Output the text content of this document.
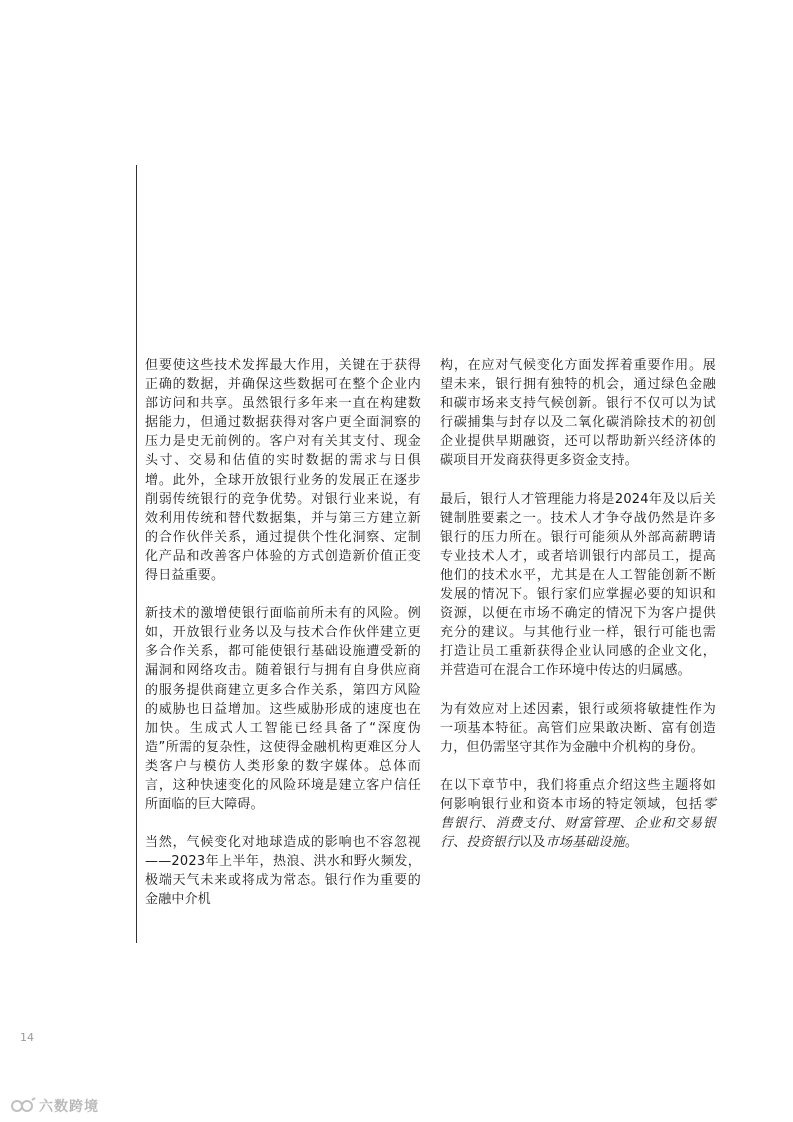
但要使这些技术发挥最大作用，关键在于获得正确的数据，并确保这些数据可在整个企业内部访问和共享。虽然银行多年来一直在构建数据能力，但通过数据获得对客户更全面洞察的压力是史无前例的。客户对有关其支付、现金头寸、交易和估值的实时数据的需求与日俱增。此外，全球开放银行业务的发展正在逐步削弱传统银行的竞争优势。对银行业来说，有效利用传统和替代数据集，并与第三方建立新的合作伙伴关系，通过提供个性化洞察、定制化产品和改善客户体验的方式创造新价值正变得日益重要。

新技术的激增使银行面临前所未有的风险。例如，开放银行业务以及与技术合作伙伴建立更多合作关系，都可能使银行基础设施遭受新的漏洞和网络攻击。随着银行与拥有自身供应商的服务提供商建立更多合作关系，第四方风险的威胁也日益增加。这些威胁形成的速度也在加快。生成式人工智能已经具备了“深度伪造”所需的复杂性，这使得金融机构更难区分人类客户与模仿人类形象的数字媒体。总体而言，这种快速变化的风险环境是建立客户信任所面临的巨大障碍。

当然，气候变化对地球造成的影响也不容忽视——2023年上半年，热浪、洪水和野火频发，极端天气未来或将成为常态。银行作为重要的金融中介机

构，在应对气候变化方面发挥着重要作用。展望未来，银行拥有独特的机会，通过绿色金融和碳市场来支持气候创新。银行不仅可以为试行碳捕集与封存以及二氧化碳消除技术的初创企业提供早期融资，还可以帮助新兴经济体的碳项目开发商获得更多资金支持。

最后，银行人才管理能力将是2024年及以后关键制胜要素之一。技术人才争夺战仍然是许多银行的压力所在。银行可能须从外部高薪聘请专业技术人才，或者培训银行内部员工，提高他们的技术水平，尤其是在人工智能创新不断发展的情况下。银行家们应掌握必要的知识和资源，以便在市场不确定的情况下为客户提供充分的建议。与其他行业一样，银行可能也需打造让员工重新获得企业认同感的企业文化，并营造可在混合工作环境中传达的归属感。

为有效应对上述因素，银行或须将敏捷性作为一项基本特征。高管们应果敢决断、富有创造力，但仍需坚守其作为金融中介机构的身份。

在以下章节中，我们将重点介绍这些主题将如何影响银行业和资本市场的特定领域，包括零售银行、消费支付、财富管理、企业和交易银行、投资银行以及市场基础设施。

14
六数跨境
